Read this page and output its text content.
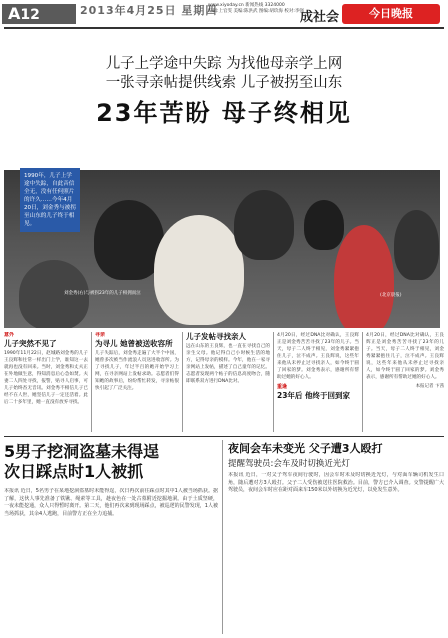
A12	2013年4月25日 星期四
www.xiyoday.cn 新闻热线 3324000
编辑:上官雯 美编:陈洪武 图编:胡玖海 校对:李强
成社会	今日晚报
儿子上学途中失踪 为找他母亲学上网
一张寻亲帖提供线索 儿子被拐至山东
23年苦盼 母子终相见
1990年，儿子上学途中失踪，自此音信全无，没有任何照片的许久……今年4月20日，刘金秀与被拐至山东的儿子终于相见。
刘金秀(右)与被拐23年的儿子相拥而泣	(北京晨报)
意外
儿子突然不见了
1990年11月22日，赵城路刘金秀的儿子王良辉和往常一样出门上学，谁知这一去就再也没有回来。当时，刘金秀和丈夫正在外地做生意，得知消息后心急如焚。夫妻二人四处寻找，报警，贴寻人启事，可儿子始终杳无音讯。刘金秀不相信儿子已经不在人世，她坚信儿子一定还活着。此后二十多年里，她一直没有放弃寻找。
寻亲
为寻儿 她曾被送收容所
儿子失踪后，刘金秀走遍了大半个中国，她曾多次被当作流浪人员送进收容所。为了寻找儿子，年过半百的她开始学习上网，在寻亲网站上发帖求助。志愿者们得知她的故事后，纷纷帮忙转发，寻亲帖很快引起了广泛关注。
儿子发帖寻找亲人
远在山东的王良辉，也一直在寻找自己的亲生父母。他记得自己小时候生活的地方，记得母亲的模样。今年，他在一家寻亲网站上发帖，描述了自己童年的记忆。志愿者发现两个帖子的信息高度吻合，随即联系双方进行DNA比对。
4月20日，经过DNA比对确认，王良辉正是刘金秀苦苦寻找了23年的儿子。当天，母子二人终于相见，刘金秀紧紧抱住儿子，泣不成声。王良辉说，这些年来他从未停止过寻找亲人，如今终于圆了回家的梦。刘金秀表示，感谢所有帮助过她的好心人。
重逢
23年后 他终于回到家
4月20日，经过DNA比对确认，王良辉正是刘金秀苦苦寻找了23年的儿子。当天，母子二人终于相见，刘金秀紧紧抱住儿子，泣不成声。王良辉说，这些年来他从未停止过寻找亲人，如今终于圆了回家的梦。刘金秀表示，感谢所有帮助过她的好心人。
本报记者 卞茜
5男子挖洞盗墓未得逞
次日踩点时1人被抓
本报讯 近日，5名男子在某地挖洞盗墓时未能得逞，次日再次前往踩点时其中1人被当场抓获。据了解，这伙人事先准备了铁锹、绳索等工具，趁夜色在一处古墓附近挖掘地洞。由于土质坚硬，一夜未能挖通，众人只得暂时离开。第二天，他们再次来到现场踩点，被巡逻的民警发现，1人被当场抓获，其余4人逃跑，目前警方正在全力追捕。
夜间会车未变光 父子遭3人殴打
提醒驾驶员:会车及时切换近光灯
本报讯 近日，一对父子驾车夜间行驶时，因会车时未及时切换近光灯，与对面车辆司机发生口角，随后遭对方3人殴打。父子二人受伤被送往医院救治。目前，警方已介入调查。交警提醒广大驾驶员，夜间会车时应在距对面来车150米以外切换为近光灯，以免发生意外。
